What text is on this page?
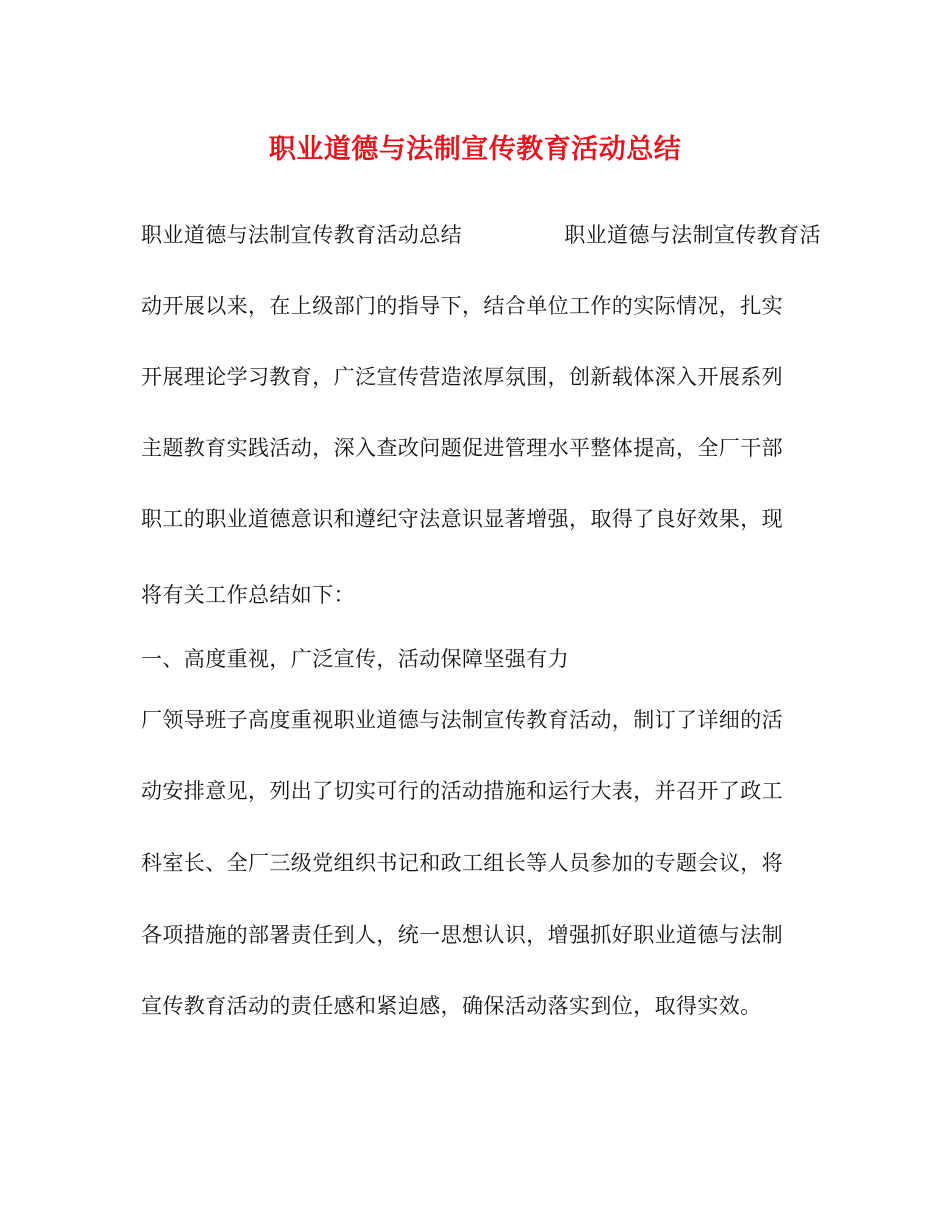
职业道德与法制宣传教育活动总结
职业道德与法制宣传教育活动总结	职业道德与法制宣传教育活
动开展以来，在上级部门的指导下，结合单位工作的实际情况，扎实
开展理论学习教育，广泛宣传营造浓厚氛围，创新载体深入开展系列
主题教育实践活动，深入查改问题促进管理水平整体提高，全厂干部
职工的职业道德意识和遵纪守法意识显著增强，取得了良好效果，现
将有关工作总结如下：
一、高度重视，广泛宣传，活动保障坚强有力
厂领导班子高度重视职业道德与法制宣传教育活动，制订了详细的活
动安排意见，列出了切实可行的活动措施和运行大表，并召开了政工
科室长、全厂三级党组织书记和政工组长等人员参加的专题会议，将
各项措施的部署责任到人，统一思想认识，增强抓好职业道德与法制
宣传教育活动的责任感和紧迫感，确保活动落实到位，取得实效。
